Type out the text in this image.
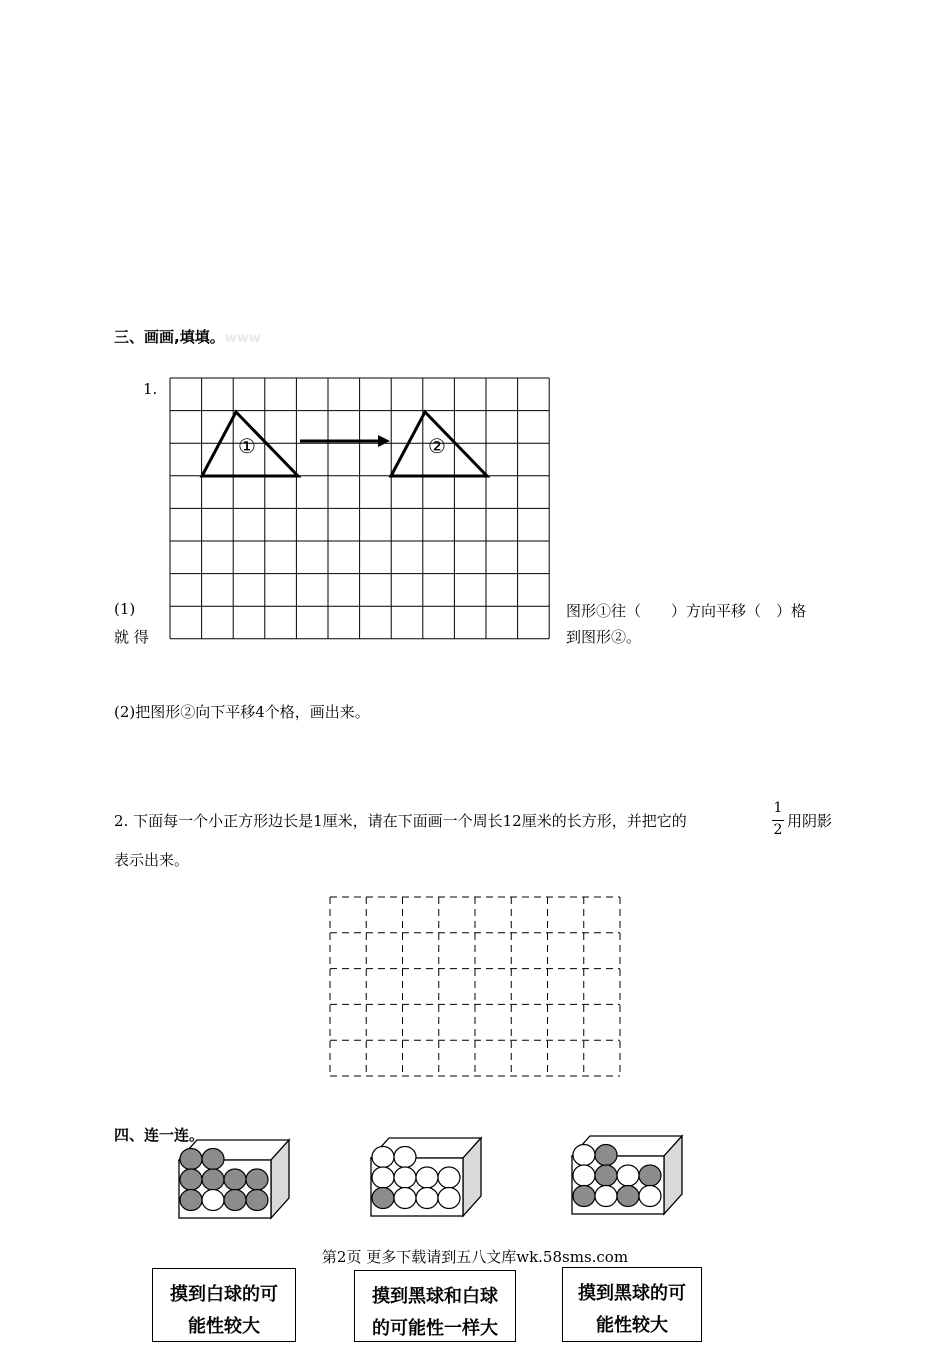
三、画画,填填。www
1.
①	②
(1)
就 得
图形①往（　　）方向平移（　）格
到图形②。
(2)把图形②向下平移4个格，画出来。
2. 下面每一个小正方形边长是1厘米，请在下面画一个周长12厘米的长方形，并把它的
1
2 用阴影
表示出来。
四、连一连。
第2页 更多下载请到五八文库wk.58sms.com
摸到白球的可
能性较大
摸到黑球和白球
的可能性一样大
摸到黑球的可
能性较大
